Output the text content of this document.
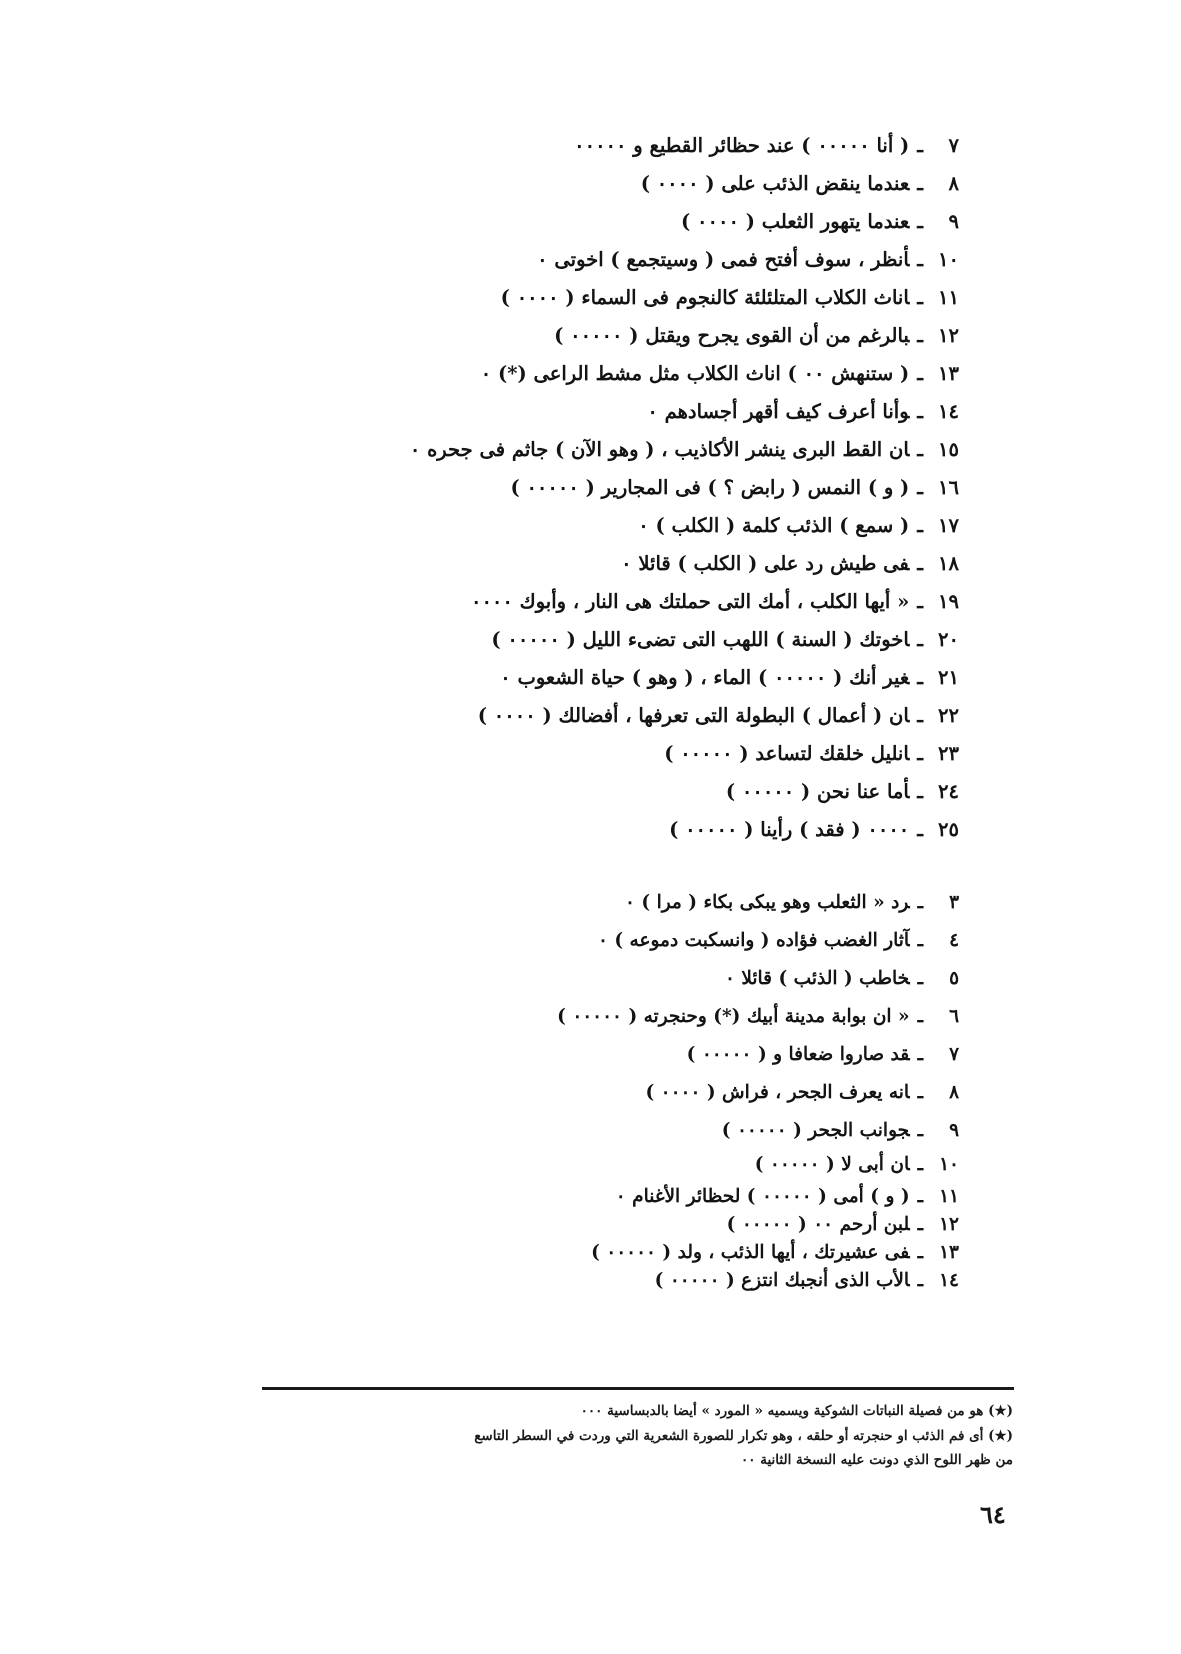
٧ـ( أنا ٠٠٠٠٠ ) عند حظائر القطيع و ٠٠٠٠٠
٨ـعندما ينقض الذئب على ( ٠٠٠٠ )
٩ـعندما يتهور الثعلب ( ٠٠٠٠ )
١٠ـأنظر ، سوف أفتح فمى ( وسيتجمع ) اخوتى ٠
١١ـاناث الكلاب المتلئلئة كالنجوم فى السماء ( ٠٠٠٠ )
١٢ـبالرغم من أن القوى يجرح ويقتل ( ٠٠٠٠٠ )
١٣ـ( ستنهش ٠٠ ) اناث الكلاب مثل مشط الراعى (*) ٠
١٤ـوأنا أعرف كيف أقهر أجسادهم ٠
١٥ـان القط البرى ينشر الأكاذيب ، ( وهو الآن ) جاثم فى جحره ٠
١٦ـ( و ) النمس ( رابض ؟ ) فى المجارير ( ٠٠٠٠٠ )
١٧ـ( سمع ) الذئب كلمة ( الكلب ) ٠
١٨ـفى طيش رد على ( الكلب ) قائلا ٠
١٩ـ« أيها الكلب ، أمك التى حملتك هى النار ، وأبوك ٠٠٠٠
٢٠ـاخوتك ( السنة ) اللهب التى تضىء الليل ( ٠٠٠٠٠ )
٢١ـغير أنك ( ٠٠٠٠٠ ) الماء ، ( وهو ) حياة الشعوب ٠
٢٢ـان ( أعمال ) البطولة التى تعرفها ، أفضالك ( ٠٠٠٠ )
٢٣ـانليل خلقك لتساعد ( ٠٠٠٠٠ )
٢٤ـأما عنا نحن ( ٠٠٠٠٠ )
٢٥ـ٠٠٠٠ ( فقد ) رأينا ( ٠٠٠٠٠ )
٣ـرد « الثعلب وهو يبكى بكاء ( مرا ) ٠
٤ـآثار الغضب فؤاده ( وانسكبت دموعه ) ٠
٥ـخاطب ( الذئب ) قائلا ٠
٦ـ« ان بوابة مدينة أبيك (*) وحنجرته ( ٠٠٠٠٠ )
٧ـقد صاروا ضعافا و ( ٠٠٠٠٠ )
٨ـانه يعرف الجحر ، فراش ( ٠٠٠٠ )
٩ـجوانب الجحر ( ٠٠٠٠٠ )
١٠ـان أبى لا ( ٠٠٠٠٠ )
١١ـ( و ) أمى ( ٠٠٠٠٠ ) لحظائر الأغنام ٠
١٢ـلبن أرحم ٠٠ ( ٠٠٠٠٠ )
١٣ـفى عشيرتك ، أيها الذئب ، ولد ( ٠٠٠٠٠ )
١٤ـالأب الذى أنجبك انتزع ( ٠٠٠٠٠ )
(★) هو من فصيلة النباتات الشوكية ويسميه « المورد » أيضا بالدبساسية ٠٠٠
(★) أى فم الذئب او حنجرته أو حلقه ، وهو تكرار للصورة الشعرية التي وردت في السطر التاسع
من ظهر اللوح الذي دونت عليه النسخة الثانية ٠٠
٦٤
